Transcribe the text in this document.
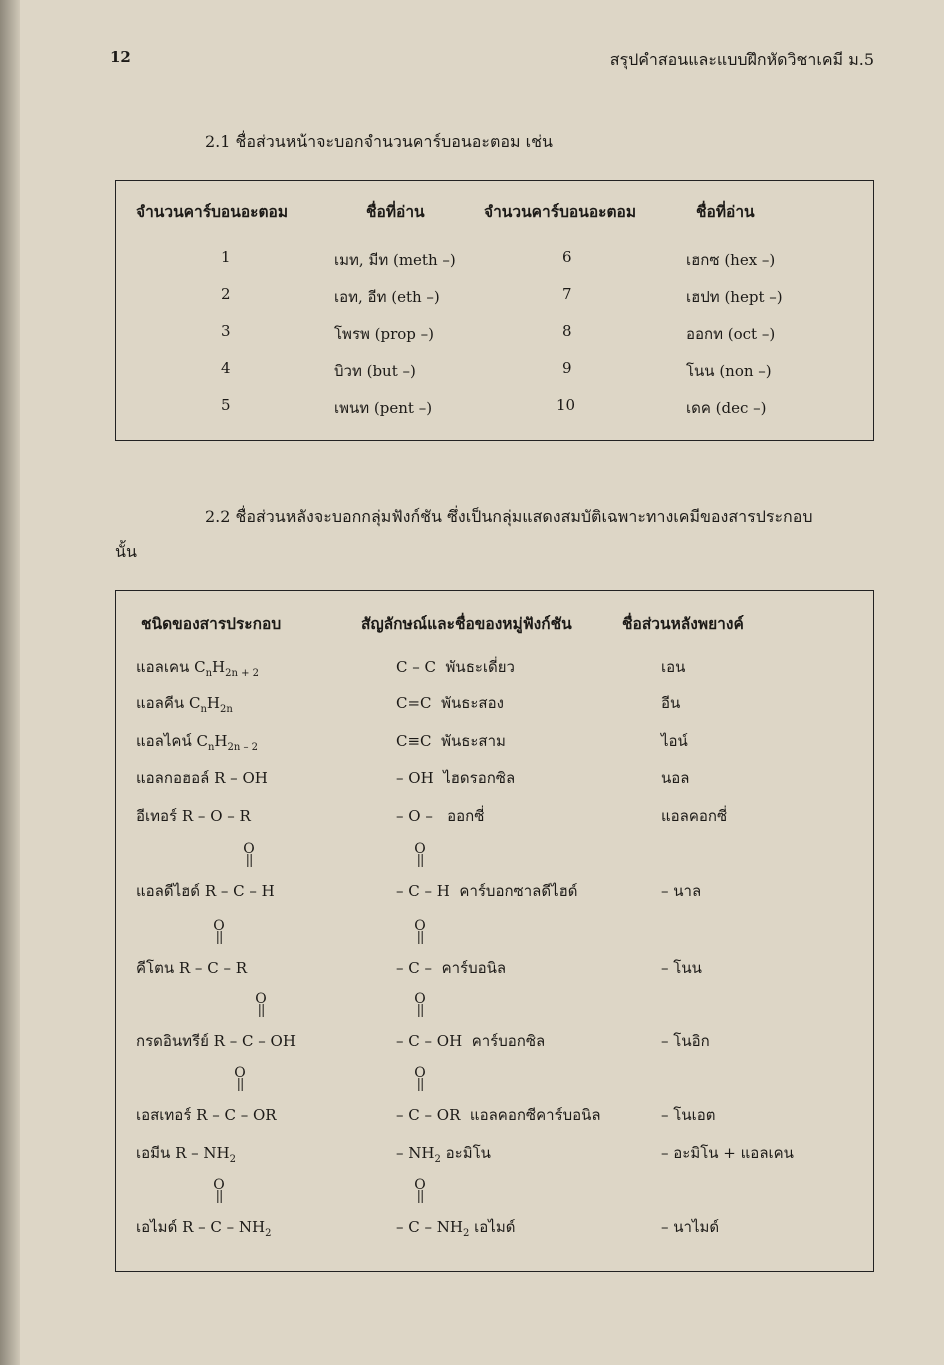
12	สรุปคำสอนและแบบฝึกหัดวิชาเคมี ม.5
2.1 ชื่อส่วนหน้าจะบอกจำนวนคาร์บอนอะตอม เช่น
จำนวนคาร์บอนอะตอม	ชื่อที่อ่าน	จำนวนคาร์บอนอะตอม	ชื่อที่อ่าน
1	เมท, มีท (meth –)	6	เฮกซ (hex –)
2	เอท, อีท (eth –)	7	เฮปท (hept –)
3	โพรพ (prop –)	8	ออกท (oct –)
4	บิวท (but –)	9	โนน (non –)
5	เพนท (pent –)	10	เดค (dec –)
2.2 ชื่อส่วนหลังจะบอกกลุ่มฟังก์ชัน ซึ่งเป็นกลุ่มแสดงสมบัติเฉพาะทางเคมีของสารประกอบ
นั้น
ชนิดของสารประกอบ	สัญลักษณ์และชื่อของหมู่ฟังก์ชัน	ชื่อส่วนหลังพยางค์
แอลเคน $C_nH_{2n + 2}$	C – C พันธะเดี่ยว	เอน
แอลคีน $C_nH_{2n}$	C=C พันธะสอง	อีน
แอลไคน์ $C_nH_{2n - 2}$	C≡C พันธะสาม	ไอน์
แอลกอฮอล์ R – OH	– OH ไฮดรอกซิล	นอล
อีเทอร์ R – O – R	– O – ออกซี่	แอลคอกซี่
O
||
O
||
แอลดีไฮด์ R – C – H	– C – H คาร์บอกซาลดีไฮด์	– นาล
O
||
O
||
คีโตน R – C – R	– C – คาร์บอนิล	– โนน
O
||
O
||
กรดอินทรีย์ R – C – OH	– C – OH คาร์บอกซิล	– โนอิก
O
||
O
||
เอสเทอร์ R – C – OR	– C – OR แอลคอกซีคาร์บอนิล	– โนเอต
เอมีน R – $NH_2$	– $NH_2$ อะมิโน	– อะมิโน + แอลเคน
O
||
O
||
เอไมด์ R – C – $NH_2$	– C – $NH_2$ เอไมด์	– นาไมด์
